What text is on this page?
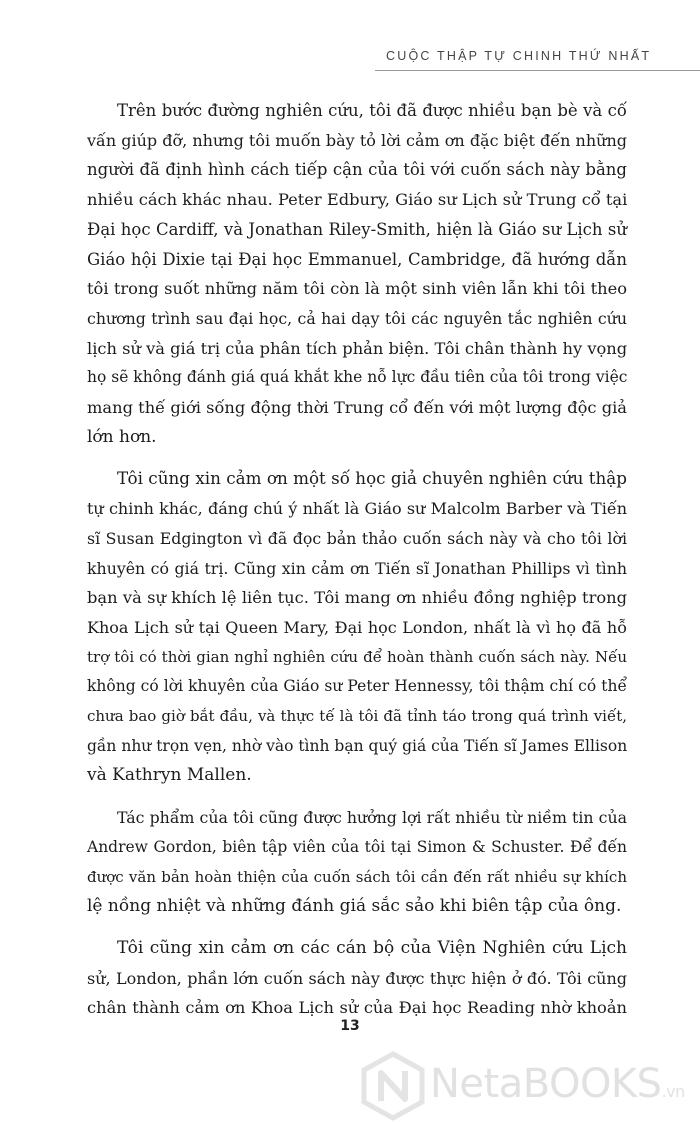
CUỘC THẬP TỰ CHINH THỨ NHẤT
Trên bước đường nghiên cứu, tôi đã được nhiều bạn bè và cố
vấn giúp đỡ, nhưng tôi muốn bày tỏ lời cảm ơn đặc biệt đến những
người đã định hình cách tiếp cận của tôi với cuốn sách này bằng
nhiều cách khác nhau. Peter Edbury, Giáo sư Lịch sử Trung cổ tại
Đại học Cardiff, và Jonathan Riley-Smith, hiện là Giáo sư Lịch sử
Giáo hội Dixie tại Đại học Emmanuel, Cambridge, đã hướng dẫn
tôi trong suốt những năm tôi còn là một sinh viên lẫn khi tôi theo
chương trình sau đại học, cả hai dạy tôi các nguyên tắc nghiên cứu
lịch sử và giá trị của phân tích phản biện. Tôi chân thành hy vọng
họ sẽ không đánh giá quá khắt khe nỗ lực đầu tiên của tôi trong việc
mang thế giới sống động thời Trung cổ đến với một lượng độc giả
lớn hơn.
Tôi cũng xin cảm ơn một số học giả chuyên nghiên cứu thập
tự chinh khác, đáng chú ý nhất là Giáo sư Malcolm Barber và Tiến
sĩ Susan Edgington vì đã đọc bản thảo cuốn sách này và cho tôi lời
khuyên có giá trị. Cũng xin cảm ơn Tiến sĩ Jonathan Phillips vì tình
bạn và sự khích lệ liên tục. Tôi mang ơn nhiều đồng nghiệp trong
Khoa Lịch sử tại Queen Mary, Đại học London, nhất là vì họ đã hỗ
trợ tôi có thời gian nghỉ nghiên cứu để hoàn thành cuốn sách này. Nếu
không có lời khuyên của Giáo sư Peter Hennessy, tôi thậm chí có thể
chưa bao giờ bắt đầu, và thực tế là tôi đã tỉnh táo trong quá trình viết,
gần như trọn vẹn, nhờ vào tình bạn quý giá của Tiến sĩ James Ellison
và Kathryn Mallen.
Tác phẩm của tôi cũng được hưởng lợi rất nhiều từ niềm tin của
Andrew Gordon, biên tập viên của tôi tại Simon & Schuster. Để đến
được văn bản hoàn thiện của cuốn sách tôi cần đến rất nhiều sự khích
lệ nồng nhiệt và những đánh giá sắc sảo khi biên tập của ông.
Tôi cũng xin cảm ơn các cán bộ của Viện Nghiên cứu Lịch
sử, London, phần lớn cuốn sách này được thực hiện ở đó. Tôi cũng
chân thành cảm ơn Khoa Lịch sử của Đại học Reading nhờ khoản
13
NetaBOOKS.vn
